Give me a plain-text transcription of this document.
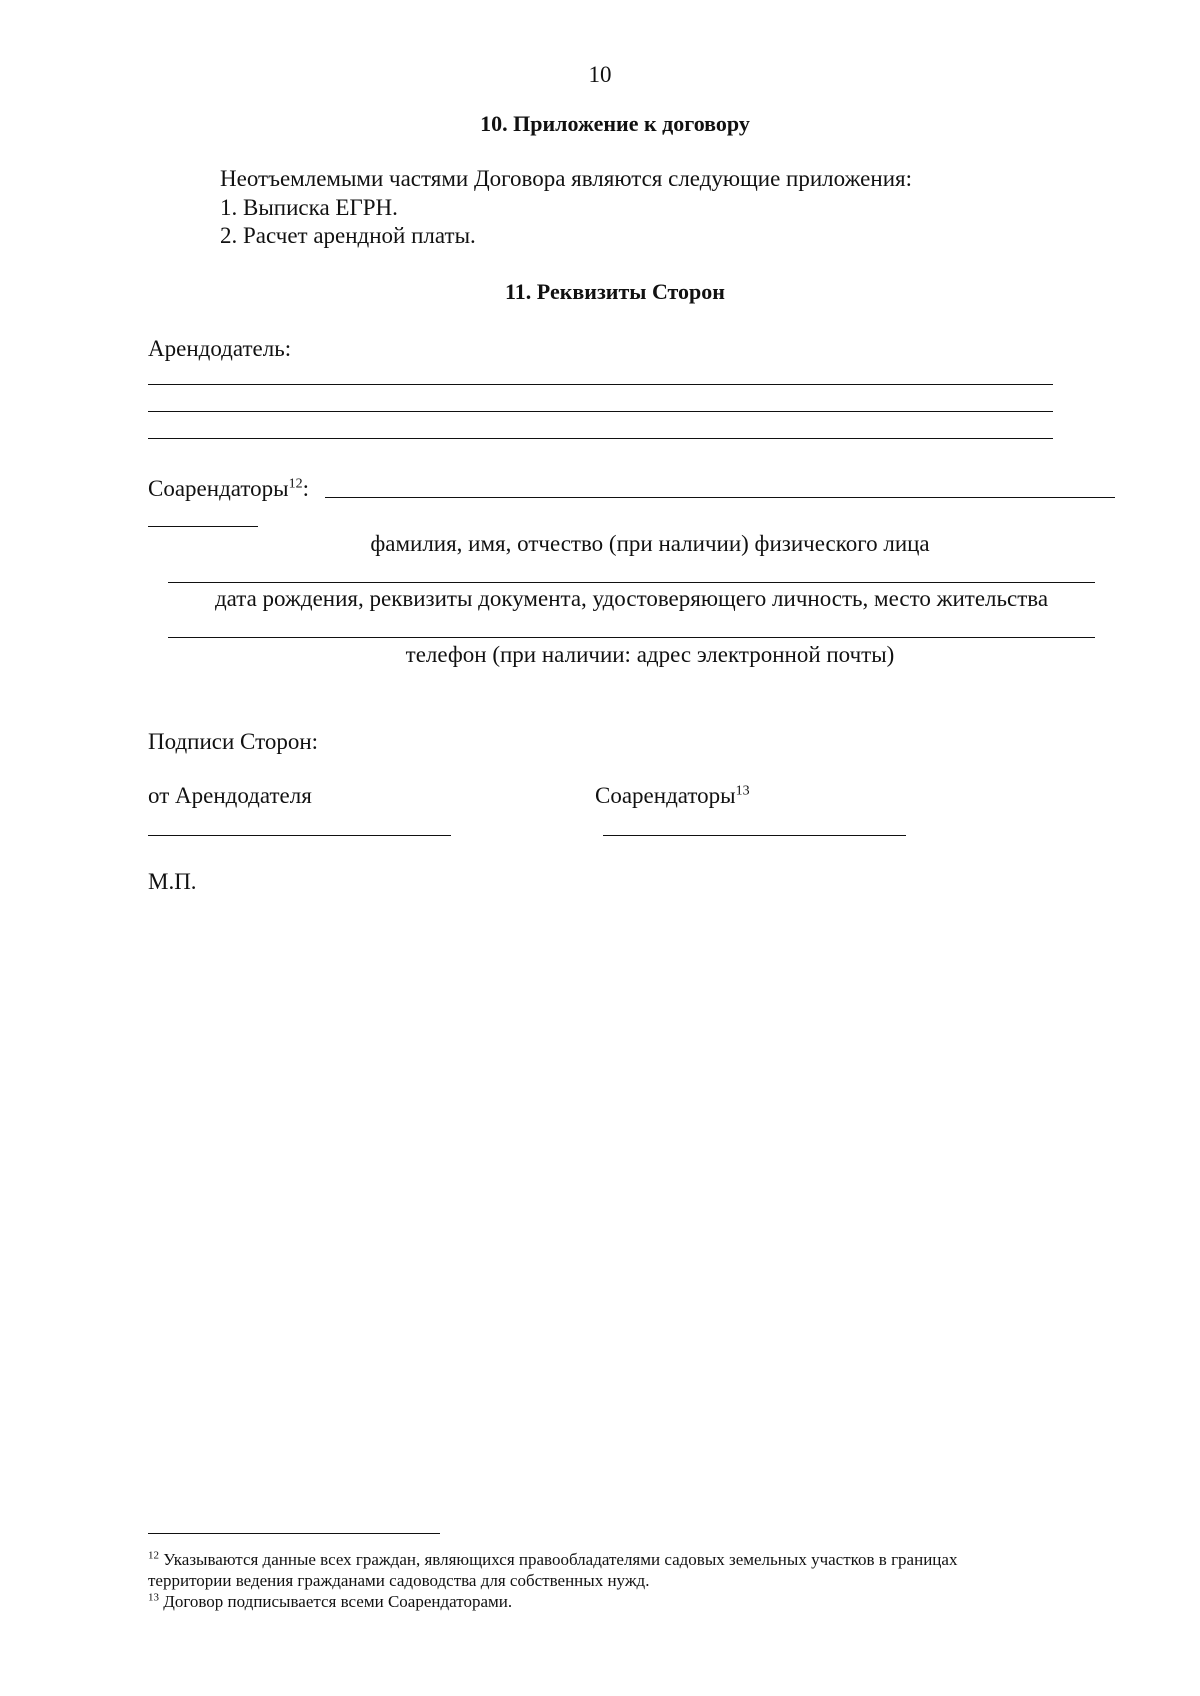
10
10. Приложение к договору
Неотъемлемыми частями Договора являются следующие приложения:
1. Выписка ЕГРН.
2. Расчет арендной платы.
11. Реквизиты Сторон
Арендодатель:
Соарендаторы$^{12}$:
фамилия, имя, отчество (при наличии) физического лица
дата рождения, реквизиты документа, удостоверяющего личность, место жительства
телефон (при наличии: адрес электронной почты)
Подписи Сторон:
от Арендодателя	Соарендаторы$^{13}$
М.П.
$^{12}$ Указываются данные всех граждан, являющихся правообладателями садовых земельных участков в границах
территории ведения гражданами садоводства для собственных нужд.
$^{13}$ Договор подписывается всеми Соарендаторами.
